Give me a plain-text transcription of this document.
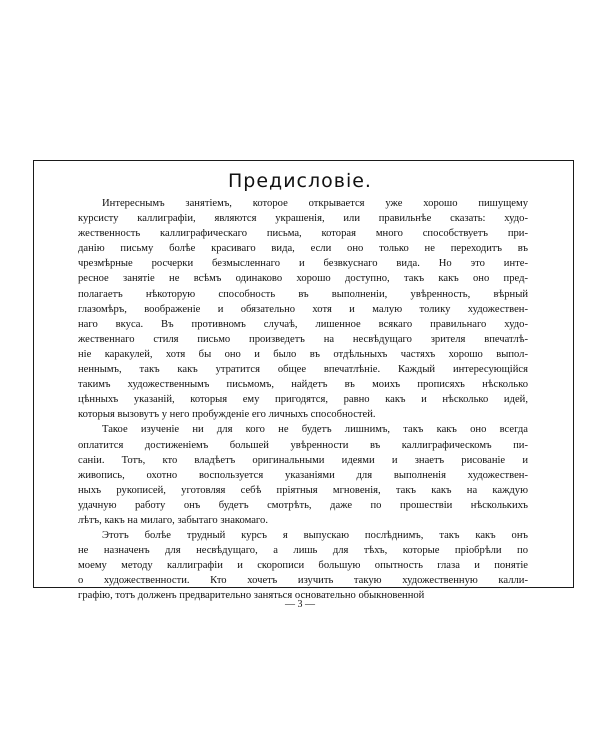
Предисловіе.
Интереснымъ занятіемъ, которое открывается уже хорошо пишущему
курсисту каллиграфіи, являются украшенія, или правильнѣе сказать: худо-
жественность каллиграфическаго письма, которая много способствуетъ при-
данію письму болѣе красиваго вида, если оно только не переходитъ въ
чрезмѣрные росчерки безмысленнаго и безвкуснаго вида. Но это инте-
ресное занятіе не всѣмъ одинаково хорошо доступно, такъ какъ оно пред-
полагаетъ нѣкоторую способность въ выполненіи, увѣренность, вѣрный
глазомѣръ, воображеніе и обязательно хотя и малую толику художествен-
наго вкуса. Въ противномъ случаѣ, лишенное всякаго правильнаго худо-
жественнаго стиля письмо произведетъ на несвѣдущаго зрителя впечатлѣ-
ніе каракулей, хотя бы оно и было въ отдѣльныхъ частяхъ хорошо выпол-
неннымъ, такъ какъ утратится общее впечатлѣніе. Каждый интересующійся
такимъ художественнымъ письмомъ, найдетъ въ моихъ прописяхъ нѣсколько
цѣнныхъ указаній, которыя ему пригодятся, равно какъ и нѣсколько идей,
которыя вызовутъ у него пробужденіе его личныхъ способностей.
Такое изученіе ни для кого не будетъ лишнимъ, такъ какъ оно всегда
оплатится достиженіемъ большей увѣренности въ каллиграфическомъ пи-
саніи. Тотъ, кто владѣетъ оригинальными идеями и знаетъ рисованіе и
живопись, охотно воспользуется указаніями для выполненія художествен-
ныхъ рукописей, уготовляя себѣ пріятныя мгновенія, такъ какъ на каждую
удачную работу онъ будетъ смотрѣть, даже по прошествіи нѣсколькихъ
лѣтъ, какъ на милаго, забытаго знакомаго.
Этотъ болѣе трудный курсъ я выпускаю послѣднимъ, такъ какъ онъ
не назначенъ для несвѣдущаго, а лишь для тѣхъ, которые пріобрѣли по
моему методу каллиграфіи и скорописи большую опытность глаза и понятіе
о художественности. Кто хочетъ изучить такую художественную калли-
графію, тотъ долженъ предварительно заняться основательно обыкновенной
— 3 —
